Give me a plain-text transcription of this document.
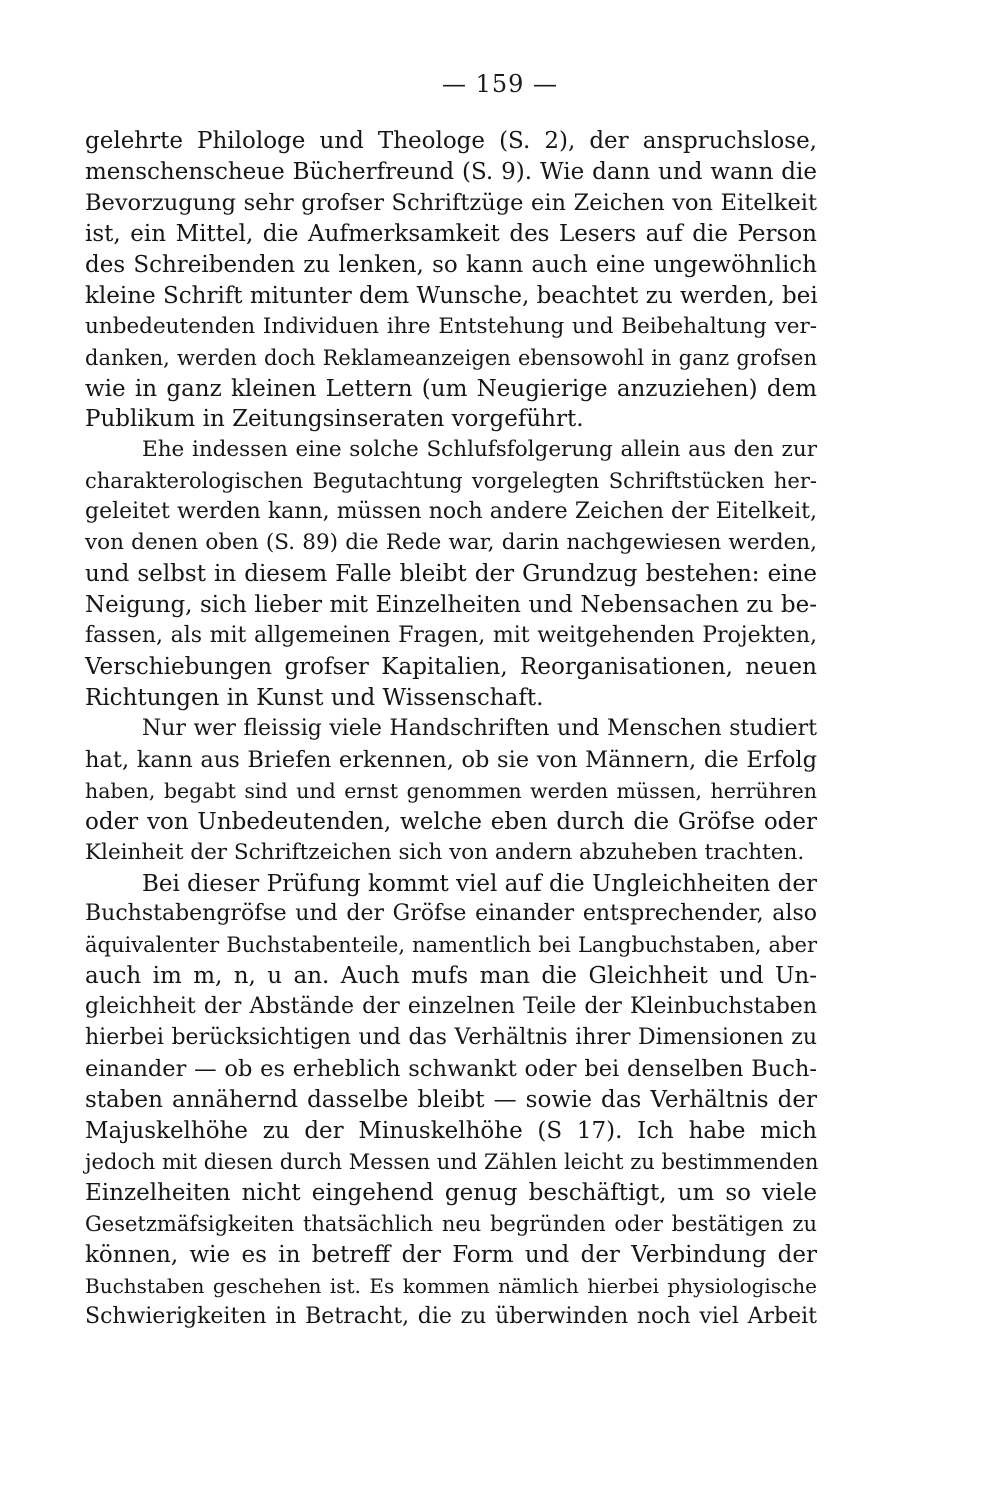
— 159 —
gelehrte Philologe und Theologe (S. 2), der anspruchslose,
menschenscheue Bücherfreund (S. 9). Wie dann und wann die
Bevorzugung sehr grofser Schriftzüge ein Zeichen von Eitelkeit
ist, ein Mittel, die Aufmerksamkeit des Lesers auf die Person
des Schreibenden zu lenken, so kann auch eine ungewöhnlich
kleine Schrift mitunter dem Wunsche, beachtet zu werden, bei
unbedeutenden Individuen ihre Entstehung und Beibehaltung ver-
danken, werden doch Reklameanzeigen ebensowohl in ganz grofsen
wie in ganz kleinen Lettern (um Neugierige anzuziehen) dem
Publikum in Zeitungsinseraten vorgeführt.
Ehe indessen eine solche Schlufsfolgerung allein aus den zur
charakterologischen Begutachtung vorgelegten Schriftstücken her-
geleitet werden kann, müssen noch andere Zeichen der Eitelkeit,
von denen oben (S. 89) die Rede war, darin nachgewiesen werden,
und selbst in diesem Falle bleibt der Grundzug bestehen: eine
Neigung, sich lieber mit Einzelheiten und Nebensachen zu be-
fassen, als mit allgemeinen Fragen, mit weitgehenden Projekten,
Verschiebungen grofser Kapitalien, Reorganisationen, neuen
Richtungen in Kunst und Wissenschaft.
Nur wer fleissig viele Handschriften und Menschen studiert
hat, kann aus Briefen erkennen, ob sie von Männern, die Erfolg
haben, begabt sind und ernst genommen werden müssen, herrühren
oder von Unbedeutenden, welche eben durch die Gröfse oder
Kleinheit der Schriftzeichen sich von andern abzuheben trachten.
Bei dieser Prüfung kommt viel auf die Ungleichheiten der
Buchstabengröfse und der Gröfse einander entsprechender, also
äquivalenter Buchstabenteile, namentlich bei Langbuchstaben, aber
auch im m, n, u an. Auch mufs man die Gleichheit und Un-
gleichheit der Abstände der einzelnen Teile der Kleinbuchstaben
hierbei berücksichtigen und das Verhältnis ihrer Dimensionen zu
einander — ob es erheblich schwankt oder bei denselben Buch-
staben annähernd dasselbe bleibt — sowie das Verhältnis der
Majuskelhöhe zu der Minuskelhöhe (S 17). Ich habe mich
jedoch mit diesen durch Messen und Zählen leicht zu bestimmenden
Einzelheiten nicht eingehend genug beschäftigt, um so viele
Gesetzmäfsigkeiten thatsächlich neu begründen oder bestätigen zu
können, wie es in betreff der Form und der Verbindung der
Buchstaben geschehen ist. Es kommen nämlich hierbei physiologische
Schwierigkeiten in Betracht, die zu überwinden noch viel Arbeit
